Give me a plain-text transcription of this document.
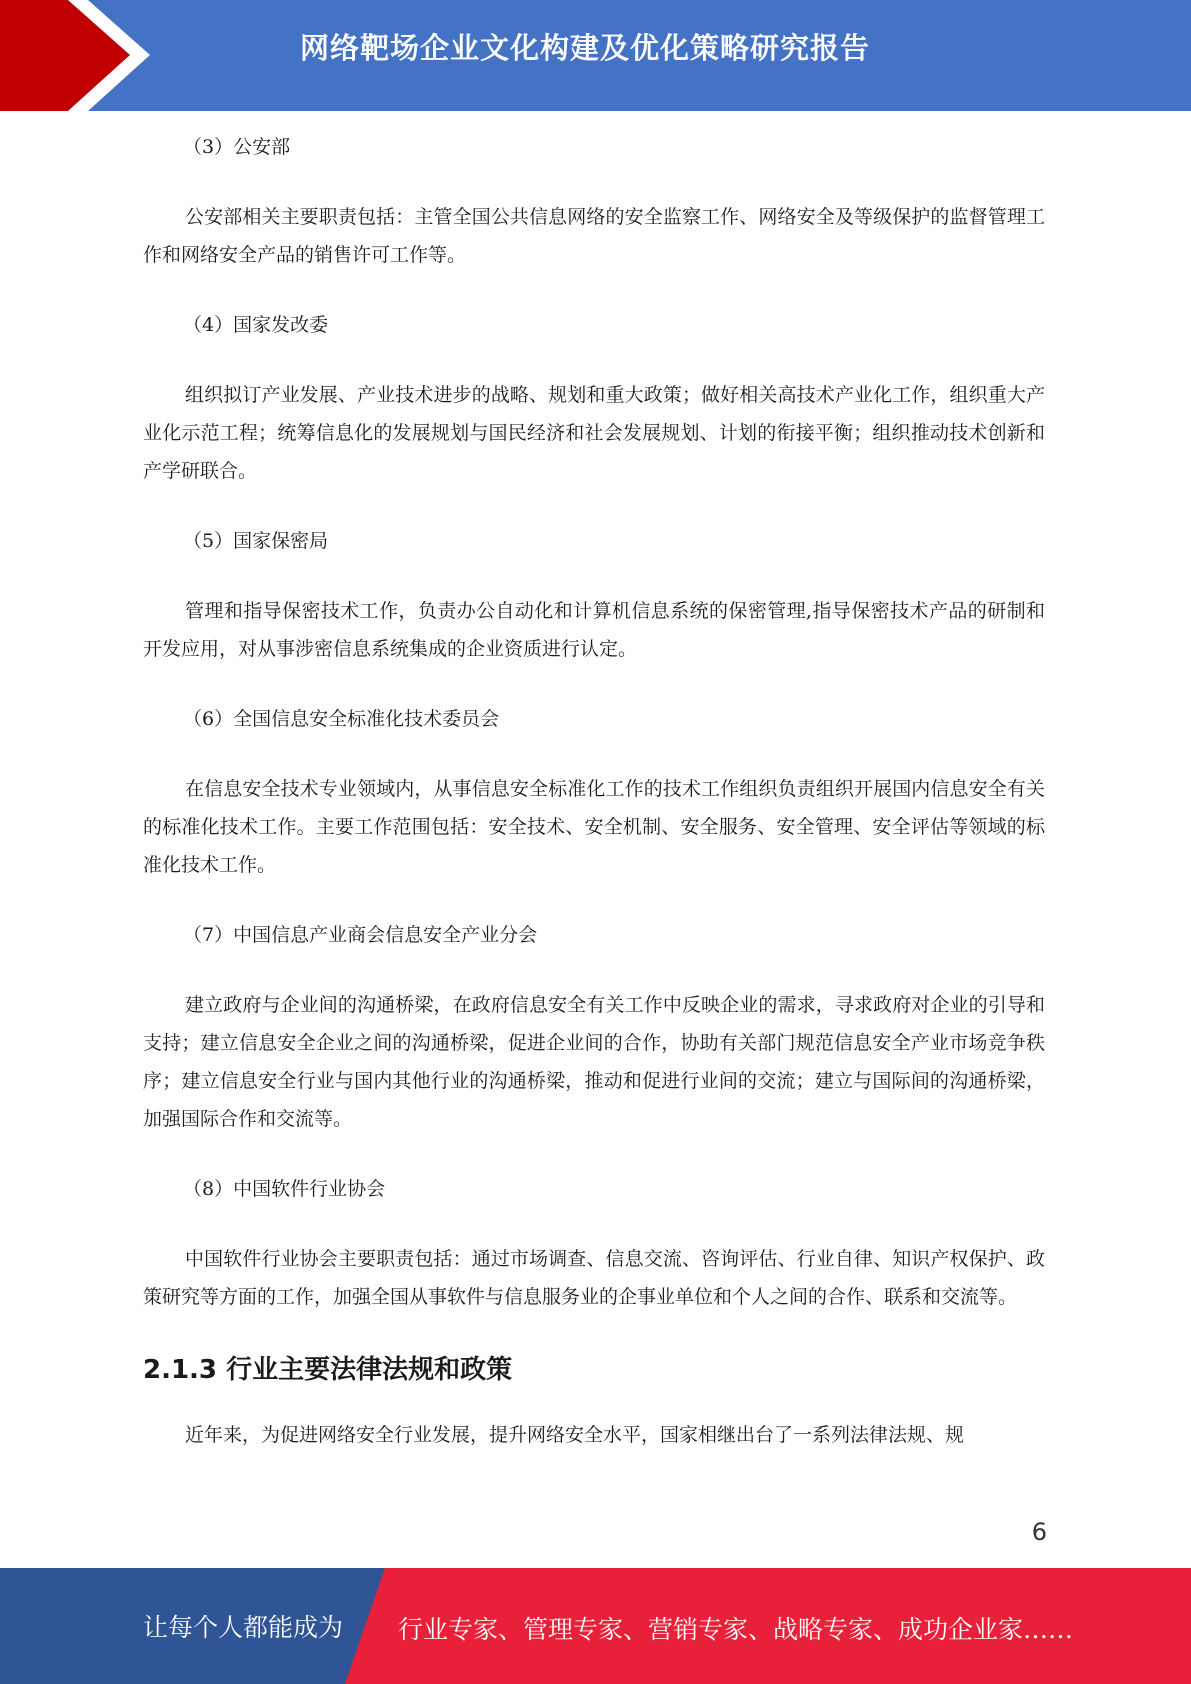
网络靶场企业文化构建及优化策略研究报告

（3）公安部

公安部相关主要职责包括：主管全国公共信息网络的安全监察工作、网络安全及等级保护的监督管理工作和网络安全产品的销售许可工作等。

（4）国家发改委

组织拟订产业发展、产业技术进步的战略、规划和重大政策；做好相关高技术产业化工作，组织重大产业化示范工程；统筹信息化的发展规划与国民经济和社会发展规划、计划的衔接平衡；组织推动技术创新和产学研联合。

（5）国家保密局

管理和指导保密技术工作，负责办公自动化和计算机信息系统的保密管理,指导保密技术产品的研制和开发应用，对从事涉密信息系统集成的企业资质进行认定。

（6）全国信息安全标准化技术委员会

在信息安全技术专业领域内，从事信息安全标准化工作的技术工作组织负责组织开展国内信息安全有关的标准化技术工作。主要工作范围包括：安全技术、安全机制、安全服务、安全管理、安全评估等领域的标准化技术工作。

（7）中国信息产业商会信息安全产业分会

建立政府与企业间的沟通桥梁，在政府信息安全有关工作中反映企业的需求，寻求政府对企业的引导和支持；建立信息安全企业之间的沟通桥梁，促进企业间的合作，协助有关部门规范信息安全产业市场竞争秩序；建立信息安全行业与国内其他行业的沟通桥梁，推动和促进行业间的交流；建立与国际间的沟通桥梁，加强国际合作和交流等。

（8）中国软件行业协会

中国软件行业协会主要职责包括：通过市场调查、信息交流、咨询评估、行业自律、知识产权保护、政策研究等方面的工作，加强全国从事软件与信息服务业的企事业单位和个人之间的合作、联系和交流等。

2.1.3 行业主要法律法规和政策

近年来，为促进网络安全行业发展，提升网络安全水平，国家相继出台了一系列法律法规、规

6
让每个人都能成为 行业专家、管理专家、营销专家、战略专家、成功企业家……
